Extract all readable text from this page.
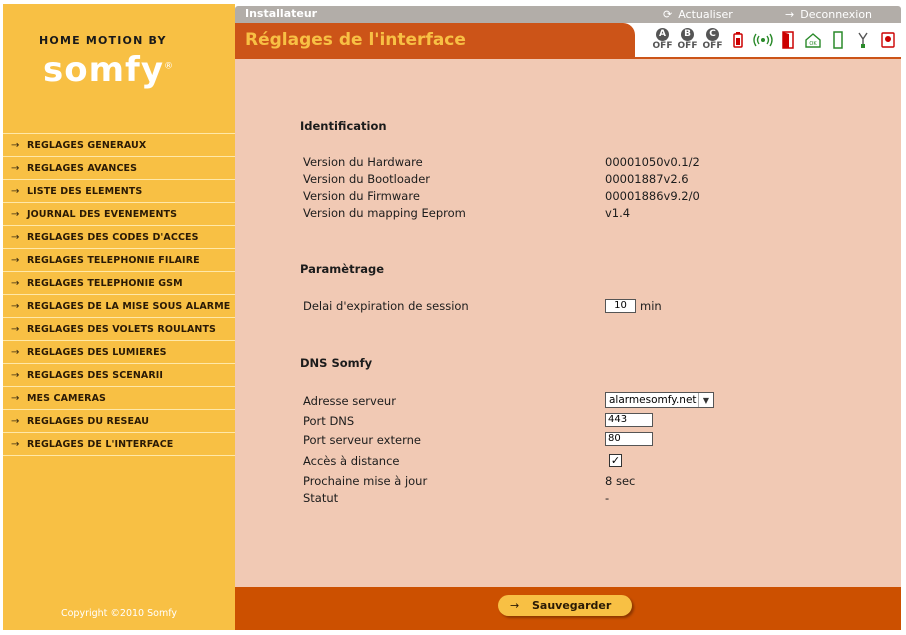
HOME MOTION BY
somfy®
→ REGLAGES GENERAUX
→ REGLAGES AVANCES
→ LISTE DES ELEMENTS
→ JOURNAL DES EVENEMENTS
→ REGLAGES DES CODES D'ACCES
→ REGLAGES TELEPHONIE FILAIRE
→ REGLAGES TELEPHONIE GSM
→ REGLAGES DE LA MISE SOUS ALARME
→ REGLAGES DES VOLETS ROULANTS
→ REGLAGES DES LUMIERES
→ REGLAGES DES SCENARII
→ MES CAMERAS
→ REGLAGES DU RESEAU
→ REGLAGES DE L'INTERFACE
Copyright ©2010 Somfy
Installateur	⟳ Actualiser	→ Deconnexion
Réglages de l'interface	A
OFF
B
OFF
C
OFF	OK
Identification
Version du Hardware	00001050v0.1/2
Version du Bootloader	00001887v2.6
Version du Firmware	00001886v9.2/0
Version du mapping Eeprom	v1.4
Paramètrage
Delai d'expiration de session	10	min
DNS Somfy
Adresse serveur	alarmesomfy.net ▼
Port DNS	443
Port serveur externe	80
Accès à distance	✓
Prochaine mise à jour	8 sec
Statut	-
→	Sauvegarder
